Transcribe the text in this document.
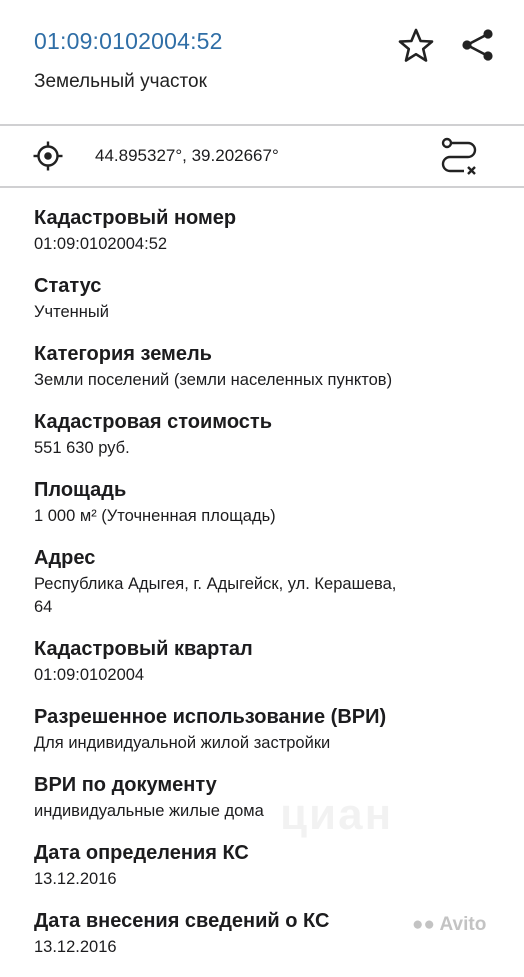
01:09:0102004:52
Земельный участок
44.895327°, 39.202667°
Кадастровый номер
01:09:0102004:52
Статус
Учтенный
Категория земель
Земли поселений (земли населенных пунктов)
Кадастровая стоимость
551 630 руб.
Площадь
1 000 м² (Уточненная площадь)
Адрес
Республика Адыгея, г. Адыгейск, ул. Керашева, 64
Кадастровый квартал
01:09:0102004
Разрешенное использование (ВРИ)
Для индивидуальной жилой застройки
ВРИ по документу
индивидуальные жилые дома
Дата определения КС
13.12.2016
Дата внесения сведений о КС
13.12.2016
циан
●● Avito
